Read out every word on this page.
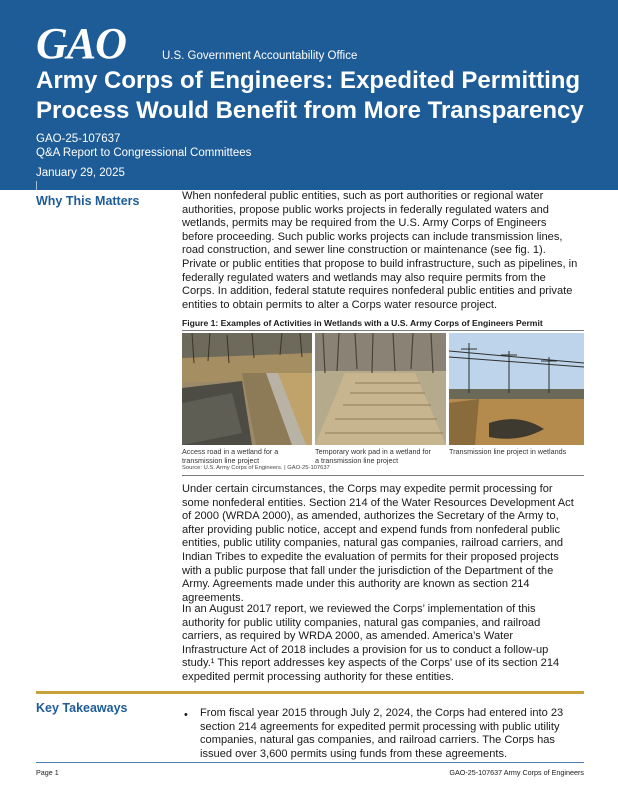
GAO	U.S. Government Accountability Office
Army Corps of Engineers: Expedited Permitting
Process Would Benefit from More Transparency
GAO-25-107637
Q&A Report to Congressional Committees
January 29, 2025
Why This Matters	When nonfederal public entities, such as port authorities or regional water
authorities, propose public works projects in federally regulated waters and
wetlands, permits may be required from the U.S. Army Corps of Engineers
before proceeding. Such public works projects can include transmission lines,
road construction, and sewer line construction or maintenance (see fig. 1).
Private or public entities that propose to build infrastructure, such as pipelines, in
federally regulated waters and wetlands may also require permits from the
Corps. In addition, federal statute requires nonfederal public entities and private
entities to obtain permits to alter a Corps water resource project.

Figure 1: Examples of Activities in Wetlands with a U.S. Army Corps of Engineers Permit
Access road in a wetland for a
transmission line project
Temporary work pad in a wetland for
a transmission line project
Transmission line project in wetlands
Source: U.S. Army Corps of Engineers. | GAO-25-107637

Under certain circumstances, the Corps may expedite permit processing for
some nonfederal entities. Section 214 of the Water Resources Development Act
of 2000 (WRDA 2000), as amended, authorizes the Secretary of the Army to,
after providing public notice, accept and expend funds from nonfederal public
entities, public utility companies, natural gas companies, railroad carriers, and
Indian Tribes to expedite the evaluation of permits for their proposed projects
with a public purpose that fall under the jurisdiction of the Department of the
Army. Agreements made under this authority are known as section 214
agreements.

In an August 2017 report, we reviewed the Corps’ implementation of this
authority for public utility companies, natural gas companies, and railroad
carriers, as required by WRDA 2000, as amended. America’s Water
Infrastructure Act of 2018 includes a provision for us to conduct a follow-up
study.¹ This report addresses key aspects of the Corps’ use of its section 214
expedited permit processing authority for these entities.

Key Takeaways	• From fiscal year 2015 through July 2, 2024, the Corps had entered into 23
section 214 agreements for expedited permit processing with public utility
companies, natural gas companies, and railroad carriers. The Corps has
issued over 3,600 permits using funds from these agreements.

Page 1	GAO-25-107637 Army Corps of Engineers
